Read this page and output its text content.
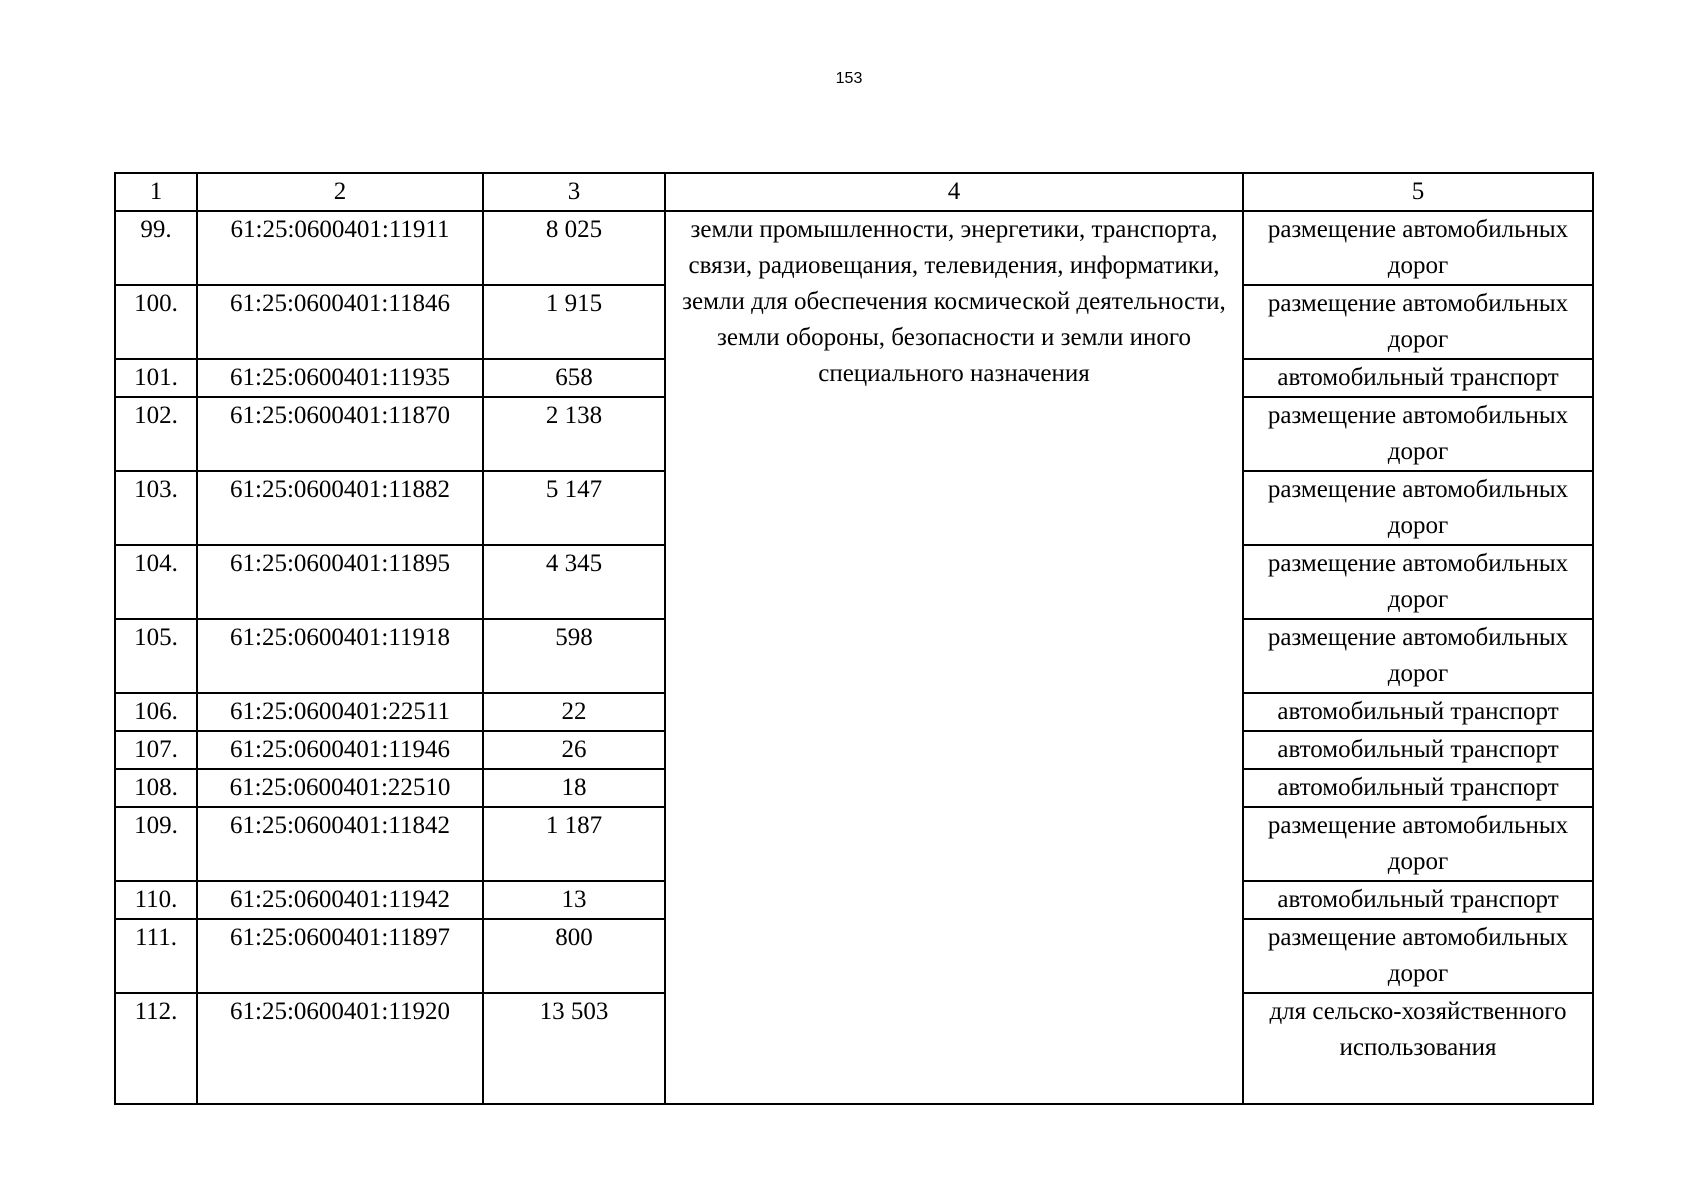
153
1	2	3	4	5
99.	61:25:0600401:11911	8 025	земли промышленности, энергетики, транспорта, связи, радиовещания, телевидения, информатики, земли для обеспечения космической деятельности, земли обороны, безопасности и земли иного специального назначения	размещение автомобильных дорог
100.	61:25:0600401:11846	1 915		размещение автомобильных дорог
101.	61:25:0600401:11935	658		автомобильный транспорт
102.	61:25:0600401:11870	2 138		размещение автомобильных дорог
103.	61:25:0600401:11882	5 147		размещение автомобильных дорог
104.	61:25:0600401:11895	4 345		размещение автомобильных дорог
105.	61:25:0600401:11918	598		размещение автомобильных дорог
106.	61:25:0600401:22511	22		автомобильный транспорт
107.	61:25:0600401:11946	26		автомобильный транспорт
108.	61:25:0600401:22510	18		автомобильный транспорт
109.	61:25:0600401:11842	1 187		размещение автомобильных дорог
110.	61:25:0600401:11942	13		автомобильный транспорт
111.	61:25:0600401:11897	800		размещение автомобильных дорог
112.	61:25:0600401:11920	13 503		для сельско-хозяйственного использования
